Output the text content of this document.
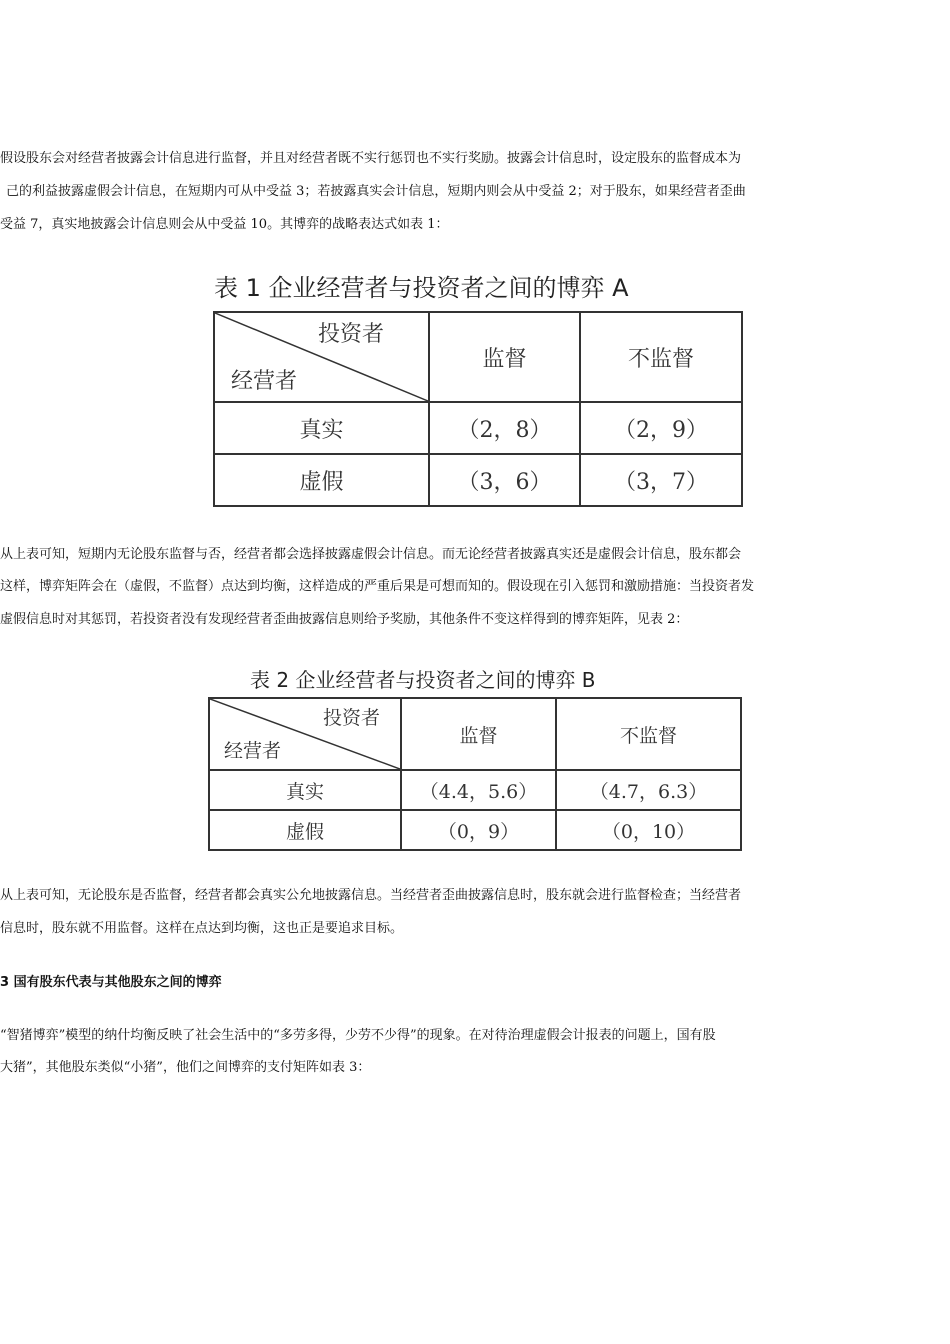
假设股东会对经营者披露会计信息进行监督，并且对经营者既不实行惩罚也不实行奖励。披露会计信息时，设定股东的监督成本为
己的利益披露虚假会计信息，在短期内可从中受益 3；若披露真实会计信息，短期内则会从中受益 2；对于股东，如果经营者歪曲
受益 7，真实地披露会计信息则会从中受益 10。其博弈的战略表达式如表 1：
表 1 企业经营者与投资者之间的博弈 A
投资者
经营者	监督	不监督
真实	（2，8）	（2，9）
虚假	（3，6）	（3，7）
从上表可知，短期内无论股东监督与否，经营者都会选择披露虚假会计信息。而无论经营者披露真实还是虚假会计信息，股东都会
这样，博弈矩阵会在（虚假，不监督）点达到均衡，这样造成的严重后果是可想而知的。假设现在引入惩罚和激励措施：当投资者发
虚假信息时对其惩罚，若投资者没有发现经营者歪曲披露信息则给予奖励，其他条件不变这样得到的博弈矩阵，见表 2：
表 2 企业经营者与投资者之间的博弈 B
投资者
经营者	监督	不监督
真实	（4.4，5.6）	（4.7，6.3）
虚假	（0，9）	（0，10）
从上表可知，无论股东是否监督，经营者都会真实公允地披露信息。当经营者歪曲披露信息时，股东就会进行监督检查；当经营者
信息时，股东就不用监督。这样在点达到均衡，这也正是要追求目标。
3 国有股东代表与其他股东之间的博弈
“智猪博弈”模型的纳什均衡反映了社会生活中的“多劳多得，少劳不少得”的现象。在对待治理虚假会计报表的问题上，国有股
大猪”，其他股东类似“小猪”，他们之间博弈的支付矩阵如表 3：
